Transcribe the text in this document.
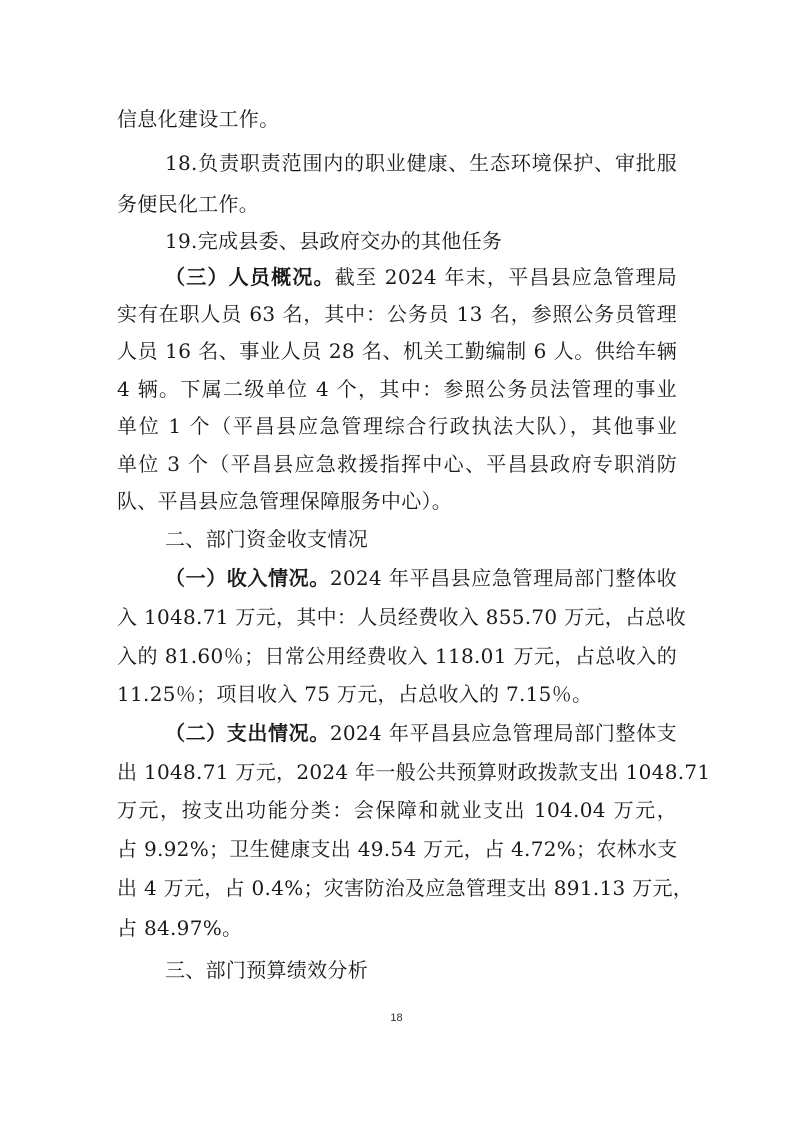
信息化建设工作。
18.负责职责范围内的职业健康、生态环境保护、审批服
务便民化工作。
19.完成县委、县政府交办的其他任务
（三）人员概况。截至 2024 年末，平昌县应急管理局
实有在职人员 63 名，其中：公务员 13 名，参照公务员管理
人员 16 名、事业人员 28 名、机关工勤编制 6 人。供给车辆
4 辆。下属二级单位 4 个，其中：参照公务员法管理的事业
单位 1 个（平昌县应急管理综合行政执法大队），其他事业
单位 3 个（平昌县应急救援指挥中心、平昌县政府专职消防
队、平昌县应急管理保障服务中心）。
二、部门资金收支情况
（一）收入情况。2024 年平昌县应急管理局部门整体收
入 1048.71 万元，其中：人员经费收入 855.70 万元，占总收
入的 81.60％；日常公用经费收入 118.01 万元，占总收入的
11.25％；项目收入 75 万元，占总收入的 7.15％。
（二）支出情况。2024 年平昌县应急管理局部门整体支
出 1048.71 万元，2024 年一般公共预算财政拨款支出 1048.71
万元，按支出功能分类：会保障和就业支出 104.04 万元，
占 9.92%；卫生健康支出 49.54 万元，占 4.72%；农林水支
出 4 万元，占 0.4%；灾害防治及应急管理支出 891.13 万元，
占 84.97%。
三、部门预算绩效分析
18
